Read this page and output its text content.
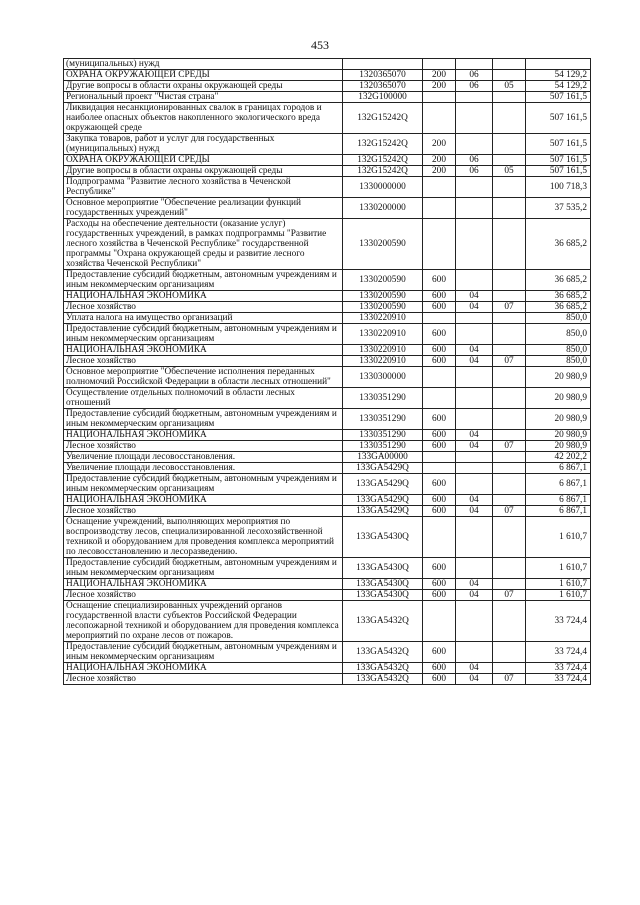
453
(муниципальных) нужд					
ОХРАНА ОКРУЖАЮЩЕЙ СРЕДЫ	1320365070	200	06		54 129,2
Другие вопросы в области охраны окружающей среды	1320365070	200	06	05	54 129,2
Региональный проект "Чистая страна"	132G100000				507 161,5
Ликвидация несанкционированных свалок в границах городов и наиболее опасных объектов накопленного экологического вреда окружающей среде	132G15242Q				507 161,5
Закупка товаров, работ и услуг для государственных (муниципальных) нужд	132G15242Q	200			507 161,5
ОХРАНА ОКРУЖАЮЩЕЙ СРЕДЫ	132G15242Q	200	06		507 161,5
Другие вопросы в области охраны окружающей среды	132G15242Q	200	06	05	507 161,5
Подпрограмма "Развитие лесного хозяйства в Чеченской Республике"	1330000000				100 718,3
Основное мероприятие "Обеспечение реализации функций государственных учреждений"	1330200000				37 535,2
Расходы на обеспечение деятельности (оказание услуг) государственных учреждений, в рамках подпрограммы "Развитие лесного хозяйства в Чеченской Республике" государственной программы "Охрана окружающей среды и развитие лесного хозяйства Чеченской Республики"	1330200590				36 685,2
Предоставление субсидий бюджетным, автономным учреждениям и иным некоммерческим организациям	1330200590	600			36 685,2
НАЦИОНАЛЬНАЯ ЭКОНОМИКА	1330200590	600	04		36 685,2
Лесное хозяйство	1330200590	600	04	07	36 685,2
Уплата налога на имущество организаций	1330220910				850,0
Предоставление субсидий бюджетным, автономным учреждениям и иным некоммерческим организациям	1330220910	600			850,0
НАЦИОНАЛЬНАЯ ЭКОНОМИКА	1330220910	600	04		850,0
Лесное хозяйство	1330220910	600	04	07	850,0
Основное мероприятие "Обеспечение исполнения переданных полномочий Российской Федерации в области лесных отношений"	1330300000				20 980,9
Осуществление отдельных полномочий в области лесных отношений	1330351290				20 980,9
Предоставление субсидий бюджетным, автономным учреждениям и иным некоммерческим организациям	1330351290	600			20 980,9
НАЦИОНАЛЬНАЯ ЭКОНОМИКА	1330351290	600	04		20 980,9
Лесное хозяйство	1330351290	600	04	07	20 980,9
Увеличение площади лесовосстановления.	133GA00000				42 202,2
Увеличение площади лесовосстановления.	133GA5429Q				6 867,1
Предоставление субсидий бюджетным, автономным учреждениям и иным некоммерческим организациям	133GA5429Q	600			6 867,1
НАЦИОНАЛЬНАЯ ЭКОНОМИКА	133GA5429Q	600	04		6 867,1
Лесное хозяйство	133GA5429Q	600	04	07	6 867,1
Оснащение учреждений, выполняющих мероприятия по воспроизводству лесов, специализированной лесохозяйственной техникой и оборудованием для проведения комплекса мероприятий по лесовосстановлению и лесоразведению.	133GA5430Q				1 610,7
Предоставление субсидий бюджетным, автономным учреждениям и иным некоммерческим организациям	133GA5430Q	600			1 610,7
НАЦИОНАЛЬНАЯ ЭКОНОМИКА	133GA5430Q	600	04		1 610,7
Лесное хозяйство	133GA5430Q	600	04	07	1 610,7
Оснащение специализированных учреждений органов государственной власти субъектов Российской Федерации лесопожарной техникой и оборудованием для проведения комплекса мероприятий по охране лесов от пожаров.	133GA5432Q				33 724,4
Предоставление субсидий бюджетным, автономным учреждениям и иным некоммерческим организациям	133GA5432Q	600			33 724,4
НАЦИОНАЛЬНАЯ ЭКОНОМИКА	133GA5432Q	600	04		33 724,4
Лесное хозяйство	133GA5432Q	600	04	07	33 724,4
